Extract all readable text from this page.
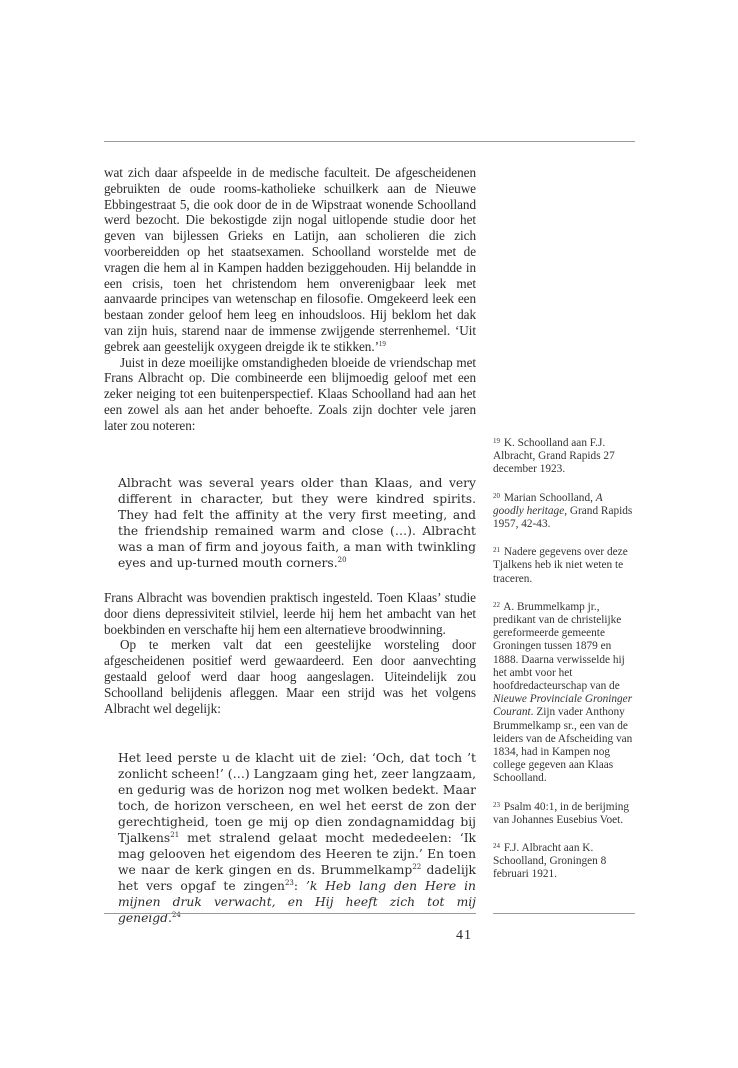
wat zich daar afspeelde in de medische faculteit. De afgescheidenen gebruikten de oude rooms-katholieke schuilkerk aan de Nieuwe Ebbingestraat 5, die ook door de in de Wipstraat wonende Schoolland werd bezocht. Die bekostigde zijn nogal uitlopende studie door het geven van bijlessen Grieks en Latijn, aan scholieren die zich voorbereidden op het staatsexamen. Schoolland worstelde met de vragen die hem al in Kampen hadden beziggehouden. Hij belandde in een crisis, toen het christendom hem onverenigbaar leek met aanvaarde principes van wetenschap en filosofie. Omgekeerd leek een bestaan zonder geloof hem leeg en inhoudsloos. Hij beklom het dak van zijn huis, starend naar de immense zwijgende sterrenhemel. ‘Uit gebrek aan geestelijk oxygeen dreigde ik te stikken.’$^{19}$

Juist in deze moeilijke omstandigheden bloeide de vriendschap met Frans Albracht op. Die combineerde een blijmoedig geloof met een zeker neiging tot een buitenperspectief. Klaas Schoolland had aan het een zowel als aan het ander behoefte. Zoals zijn dochter vele jaren later zou noteren:

Albracht was several years older than Klaas, and very different in character, but they were kindred spirits. They had felt the affinity at the very first meeting, and the friendship remained warm and close (…). Albracht was a man of firm and joyous faith, a man with twinkling eyes and up-turned mouth corners.$^{20}$

Frans Albracht was bovendien praktisch ingesteld. Toen Klaas’ studie door diens depressiviteit stilviel, leerde hij hem het ambacht van het boekbinden en verschafte hij hem een alternatieve broodwinning.

Op te merken valt dat een geestelijke worsteling door afgescheidenen positief werd gewaardeerd. Een door aanvechting gestaald geloof werd daar hoog aangeslagen. Uiteindelijk zou Schoolland belijdenis afleggen. Maar een strijd was het volgens Albracht wel degelijk:

Het leed perste u de klacht uit de ziel: ‘Och, dat toch ’t zonlicht scheen!’ (…) Langzaam ging het, zeer langzaam, en gedurig was de horizon nog met wolken bedekt. Maar toch, de horizon verscheen, en wel het eerst de zon der gerechtigheid, toen ge mij op dien zondagnamiddag bij Tjalkens$^{21}$ met stralend gelaat mocht mededeelen: ‘Ik mag gelooven het eigendom des Heeren te zijn.’ En toen we naar de kerk gingen en ds. Brummelkamp$^{22}$ dadelijk het vers opgaf te zingen$^{23}$: ’k Heb lang den Here in mijnen druk verwacht, en Hij heeft zich tot mij geneigd.$^{24}$

$^{19}$ K. Schoolland aan F.J. Albracht, Grand Rapids 27 december 1923.

$^{20}$ Marian Schoolland, A goodly heritage, Grand Rapids 1957, 42-43.

$^{21}$ Nadere gegevens over deze Tjalkens heb ik niet weten te traceren.

$^{22}$ A. Brummelkamp jr., predikant van de christelijke gereformeerde gemeente Groningen tussen 1879 en 1888. Daarna verwisselde hij het ambt voor het hoofdredacteurschap van de Nieuwe Provinciale Groninger Courant. Zijn vader Anthony Brummelkamp sr., een van de leiders van de Afscheiding van 1834, had in Kampen nog college gegeven aan Klaas Schoolland.

$^{23}$ Psalm 40:1, in de berijming van Johannes Eusebius Voet.

$^{24}$ F.J. Albracht aan K. Schoolland, Groningen 8 februari 1921.

41
